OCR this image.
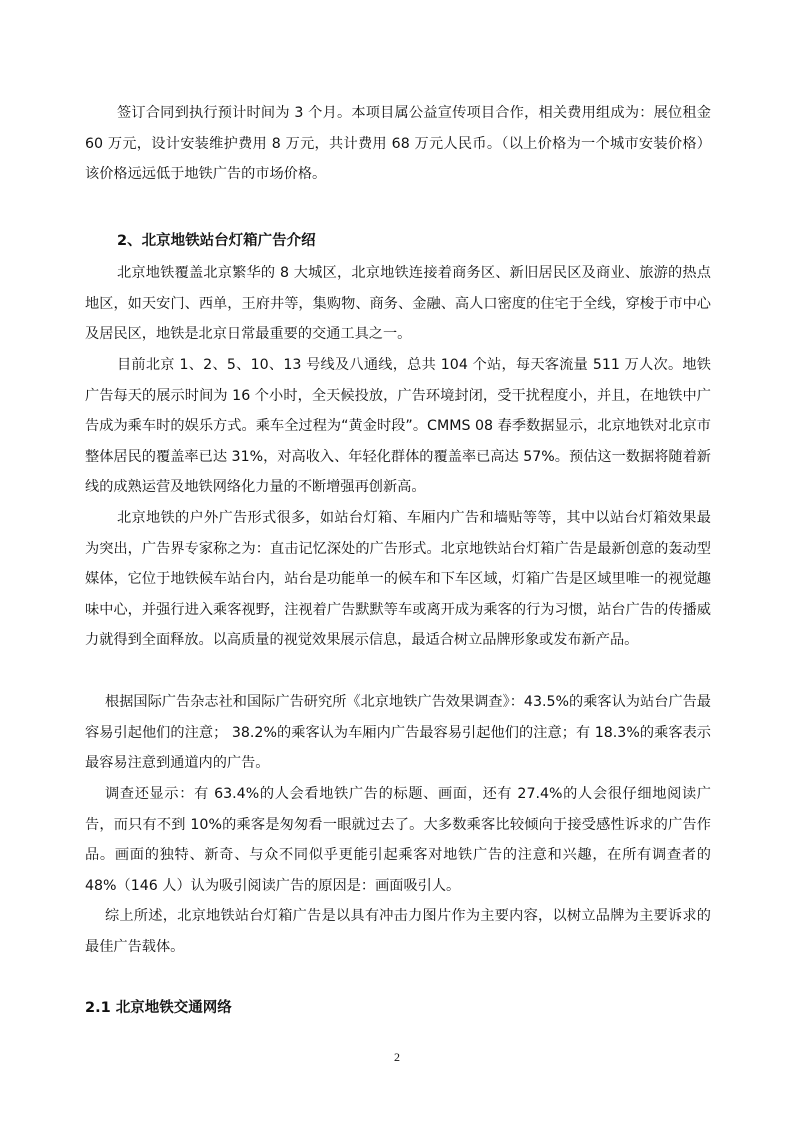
签订合同到执行预计时间为 3 个月。本项目属公益宣传项目合作，相关费用组成为：展位租金 60 万元，设计安装维护费用 8 万元，共计费用 68 万元人民币。（以上价格为一个城市安装价格）该价格远远低于地铁广告的市场价格。

2、北京地铁站台灯箱广告介绍

北京地铁覆盖北京繁华的 8 大城区，北京地铁连接着商务区、新旧居民区及商业、旅游的热点地区，如天安门、西单，王府井等，集购物、商务、金融、高人口密度的住宅于全线，穿梭于市中心及居民区，地铁是北京日常最重要的交通工具之一。

目前北京 1、2、5、10、13 号线及八通线，总共 104 个站，每天客流量 511 万人次。地铁广告每天的展示时间为 16 个小时，全天候投放，广告环境封闭，受干扰程度小，并且，在地铁中广告成为乘车时的娱乐方式。乘车全过程为“黄金时段”。CMMS 08 春季数据显示，北京地铁对北京市整体居民的覆盖率已达 31%，对高收入、年轻化群体的覆盖率已高达 57%。预估这一数据将随着新线的成熟运营及地铁网络化力量的不断增强再创新高。

北京地铁的户外广告形式很多，如站台灯箱、车厢内广告和墙贴等等，其中以站台灯箱效果最为突出，广告界专家称之为：直击记忆深处的广告形式。北京地铁站台灯箱广告是最新创意的轰动型媒体，它位于地铁候车站台内，站台是功能单一的候车和下车区域，灯箱广告是区域里唯一的视觉趣味中心，并强行进入乘客视野，注视着广告默默等车或离开成为乘客的行为习惯，站台广告的传播威力就得到全面释放。以高质量的视觉效果展示信息，最适合树立品牌形象或发布新产品。

根据国际广告杂志社和国际广告研究所《北京地铁广告效果调查》：43.5%的乘客认为站台广告最容易引起他们的注意； 38.2%的乘客认为车厢内广告最容易引起他们的注意；有 18.3%的乘客表示最容易注意到通道内的广告。

调查还显示：有 63.4%的人会看地铁广告的标题、画面，还有 27.4%的人会很仔细地阅读广告，而只有不到 10%的乘客是匆匆看一眼就过去了。大多数乘客比较倾向于接受感性诉求的广告作品。画面的独特、新奇、与众不同似乎更能引起乘客对地铁广告的注意和兴趣，在所有调查者的 48%（146 人）认为吸引阅读广告的原因是：画面吸引人。

综上所述，北京地铁站台灯箱广告是以具有冲击力图片作为主要内容，以树立品牌为主要诉求的最佳广告载体。

2.1 北京地铁交通网络

2
